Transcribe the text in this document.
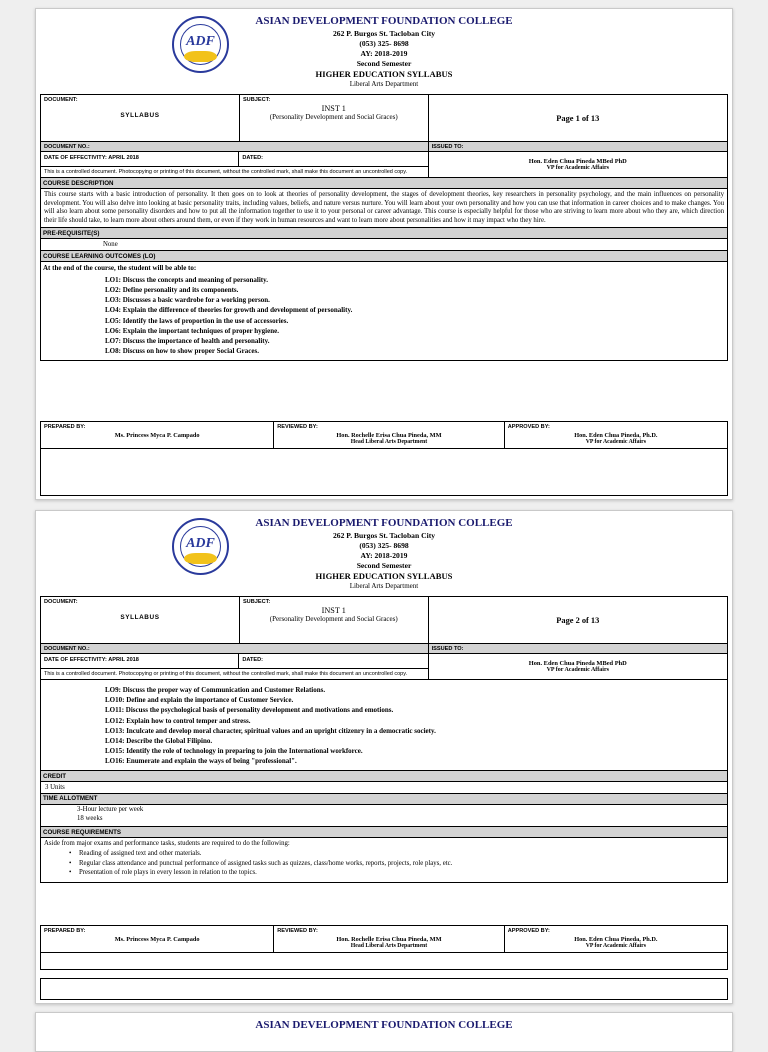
ADF
ASIAN DEVELOPMENT FOUNDATION COLLEGE
262 P. Burgos St. Tacloban City
(053) 325- 8698
AY: 2018-2019
Second Semester
HIGHER EDUCATION SYLLABUS
Liberal Arts Department
DOCUMENT:
SYLLABUS
SUBJECT:
INST 1
(Personality Development and Social Graces)	Page 1 of 13
DOCUMENT NO.:
DATE OF EFFECTIVITY: APRIL 2018	DATED:
This is a controlled document. Photocopying or printing of this document, without the controlled mark, shall make this document an uncontrolled copy.
ISSUED TO:
Hon. Eden Chua Pineda MBed PhD
VP for Academic Affairs
COURSE DESCRIPTION
This course starts with a basic introduction of personality. It then goes on to look at theories of personality development, the stages of development theories, key researchers in personality psychology, and the main influences on personality development. You will also delve into looking at basic personality traits, including values, beliefs, and nature versus nurture. You will learn about your own personality and how you can use that information in career choices and to make changes. You will also learn about some personality disorders and how to put all the information together to use it to your personal or career advantage. This course is especially helpful for those who are striving to learn more about who they are, which direction their life should take, to learn more about others around them, or even if they work in human resources and want to learn more about personalities and how it may impact who they hire.
PRE-REQUISITE(S)
None
COURSE LEARNING OUTCOMES (LO)
At the end of the course, the student will be able to:
LO1: Discuss the concepts and meaning of personality.
LO2: Define personality and its components.
LO3: Discusses a basic wardrobe for a working person.
LO4: Explain the difference of theories for growth and development of personality.
LO5: Identify the laws of proportion in the use of accessories.
LO6: Explain the important techniques of proper hygiene.
LO7: Discuss the importance of health and personality.
LO8: Discuss on how to show proper Social Graces.
PREPARED BY:
Ms. Princess Myca P. Campado
REVIEWED BY:
Hon. Rochelle Erisa Chua Pineda, MM
Head Liberal Arts Department
APPROVED BY:
Hon. Eden Chua Pineda, Ph.D.
VP for Academic Affairs
ADF
ASIAN DEVELOPMENT FOUNDATION COLLEGE
262 P. Burgos St. Tacloban City
(053) 325- 8698
AY: 2018-2019
Second Semester
HIGHER EDUCATION SYLLABUS
Liberal Arts Department
DOCUMENT:
SYLLABUS
SUBJECT:
INST 1
(Personality Development and Social Graces)	Page 2 of 13
DOCUMENT NO.:
DATE OF EFFECTIVITY: APRIL 2018	DATED:
This is a controlled document. Photocopying or printing of this document, without the controlled mark, shall make this document an uncontrolled copy.
ISSUED TO:
Hon. Eden Chua Pineda MBed PhD
VP for Academic Affairs
LO9: Discuss the proper way of Communication and Customer Relations.
LO10: Define and explain the importance of Customer Service.
LO11: Discuss the psychological basis of personality development and motivations and emotions.
LO12: Explain how to control temper and stress.
LO13: Inculcate and develop moral character, spiritual values and an upright citizenry in a democratic society.
LO14: Describe the Global Filipino.
LO15: Identify the role of technology in preparing to join the International workforce.
LO16: Enumerate and explain the ways of being "professional".
CREDIT
3 Units
TIME ALLOTMENT
3-Hour lecture per week
18 weeks
COURSE REQUIREMENTS
Aside from major exams and performance tasks, students are required to do the following:
• Reading of assigned text and other materials.
• Regular class attendance and punctual performance of assigned tasks such as quizzes, class/home works, reports, projects, role plays, etc.
• Presentation of role plays in every lesson in relation to the topics.
PREPARED BY:
Ms. Princess Myca P. Campado
REVIEWED BY:
Hon. Rochelle Erisa Chua Pineda, MM
Head Liberal Arts Department
APPROVED BY:
Hon. Eden Chua Pineda, Ph.D.
VP for Academic Affairs
ASIAN DEVELOPMENT FOUNDATION COLLEGE
